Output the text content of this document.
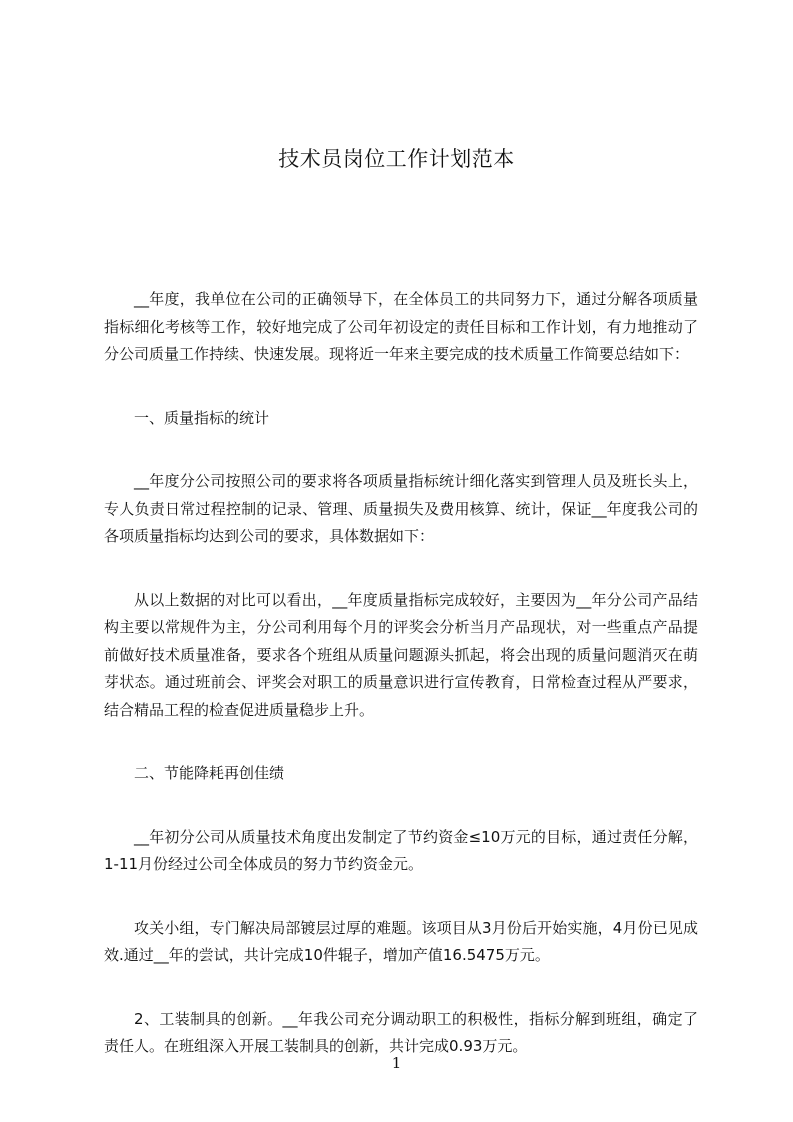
技术员岗位工作计划范本

__年度，我单位在公司的正确领导下，在全体员工的共同努力下，通过分解各项质量指标细化考核等工作，较好地完成了公司年初设定的责任目标和工作计划，有力地推动了分公司质量工作持续、快速发展。现将近一年来主要完成的技术质量工作简要总结如下：

一、质量指标的统计

__年度分公司按照公司的要求将各项质量指标统计细化落实到管理人员及班长头上，专人负责日常过程控制的记录、管理、质量损失及费用核算、统计，保证__年度我公司的各项质量指标均达到公司的要求，具体数据如下：

从以上数据的对比可以看出，__年度质量指标完成较好，主要因为__年分公司产品结构主要以常规件为主，分公司利用每个月的评奖会分析当月产品现状，对一些重点产品提前做好技术质量准备，要求各个班组从质量问题源头抓起，将会出现的质量问题消灭在萌芽状态。通过班前会、评奖会对职工的质量意识进行宣传教育，日常检查过程从严要求，结合精品工程的检查促进质量稳步上升。

二、节能降耗再创佳绩

__年初分公司从质量技术角度出发制定了节约资金≤10万元的目标，通过责任分解，1-11月份经过公司全体成员的努力节约资金元。

攻关小组，专门解决局部镀层过厚的难题。该项目从3月份后开始实施，4月份已见成效.通过__年的尝试，共计完成10件辊子，增加产值16.5475万元。

2、工装制具的创新。__年我公司充分调动职工的积极性，指标分解到班组，确定了责任人。在班组深入开展工装制具的创新，共计完成0.93万元。

1
